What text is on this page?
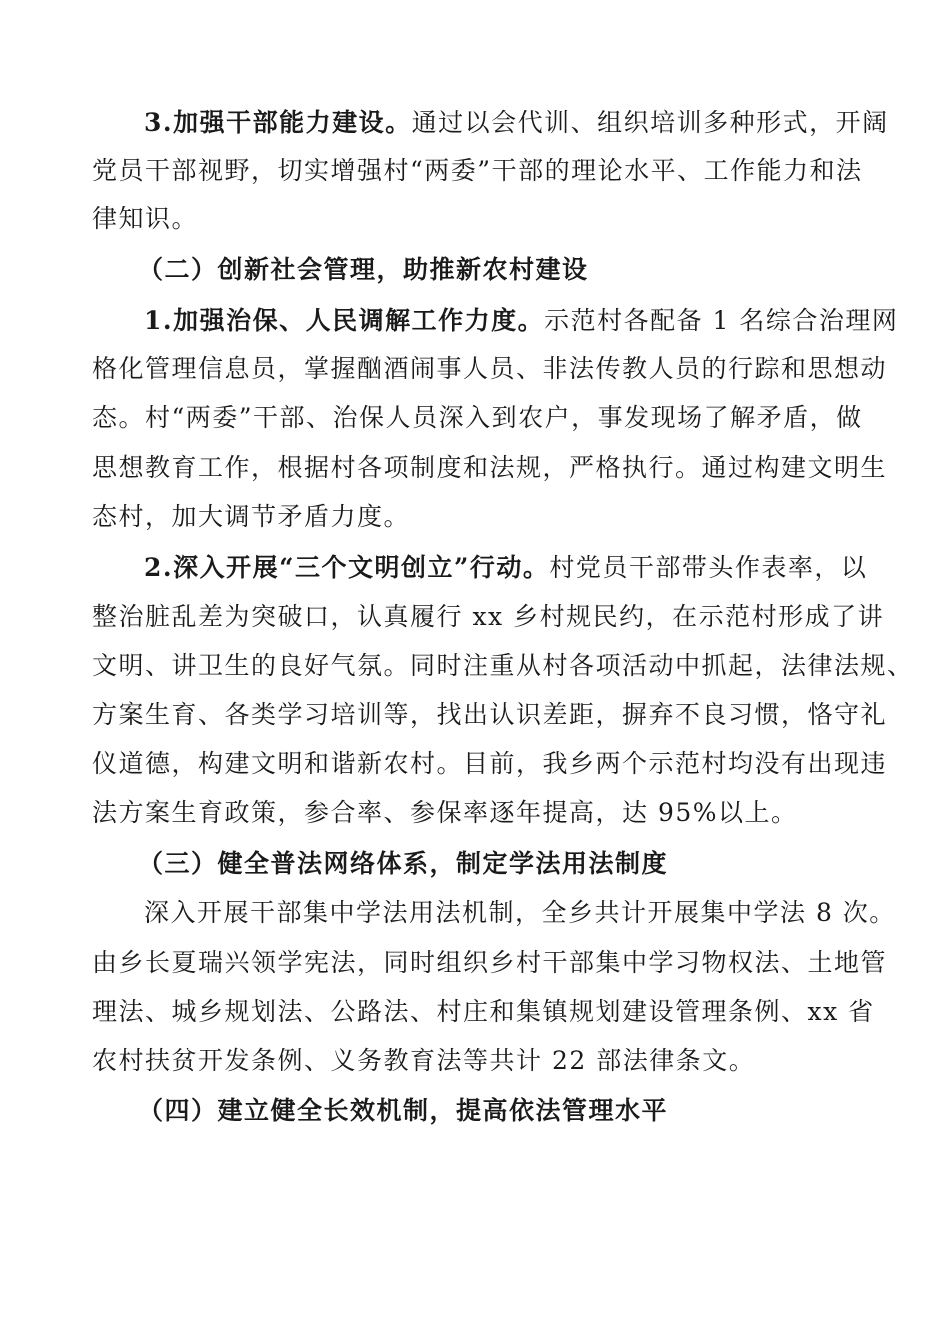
3.加强干部能力建设。通过以会代训、组织培训多种形式，开阔
党员干部视野，切实增强村“两委”干部的理论水平、工作能力和法
律知识。
（二）创新社会管理，助推新农村建设
1.加强治保、人民调解工作力度。示范村各配备 1 名综合治理网
格化管理信息员，掌握酗酒闹事人员、非法传教人员的行踪和思想动
态。村“两委”干部、治保人员深入到农户，事发现场了解矛盾，做
思想教育工作，根据村各项制度和法规，严格执行。通过构建文明生
态村，加大调节矛盾力度。
2.深入开展“三个文明创立”行动。村党员干部带头作表率，以
整治脏乱差为突破口，认真履行 xx 乡村规民约，在示范村形成了讲
文明、讲卫生的良好气氛。同时注重从村各项活动中抓起，法律法规、
方案生育、各类学习培训等，找出认识差距，摒弃不良习惯，恪守礼
仪道德，构建文明和谐新农村。目前，我乡两个示范村均没有出现违
法方案生育政策，参合率、参保率逐年提高，达 95%以上。
（三）健全普法网络体系，制定学法用法制度
深入开展干部集中学法用法机制，全乡共计开展集中学法 8 次。
由乡长夏瑞兴领学宪法，同时组织乡村干部集中学习物权法、土地管
理法、城乡规划法、公路法、村庄和集镇规划建设管理条例、xx 省
农村扶贫开发条例、义务教育法等共计 22 部法律条文。
（四）建立健全长效机制，提高依法管理水平
